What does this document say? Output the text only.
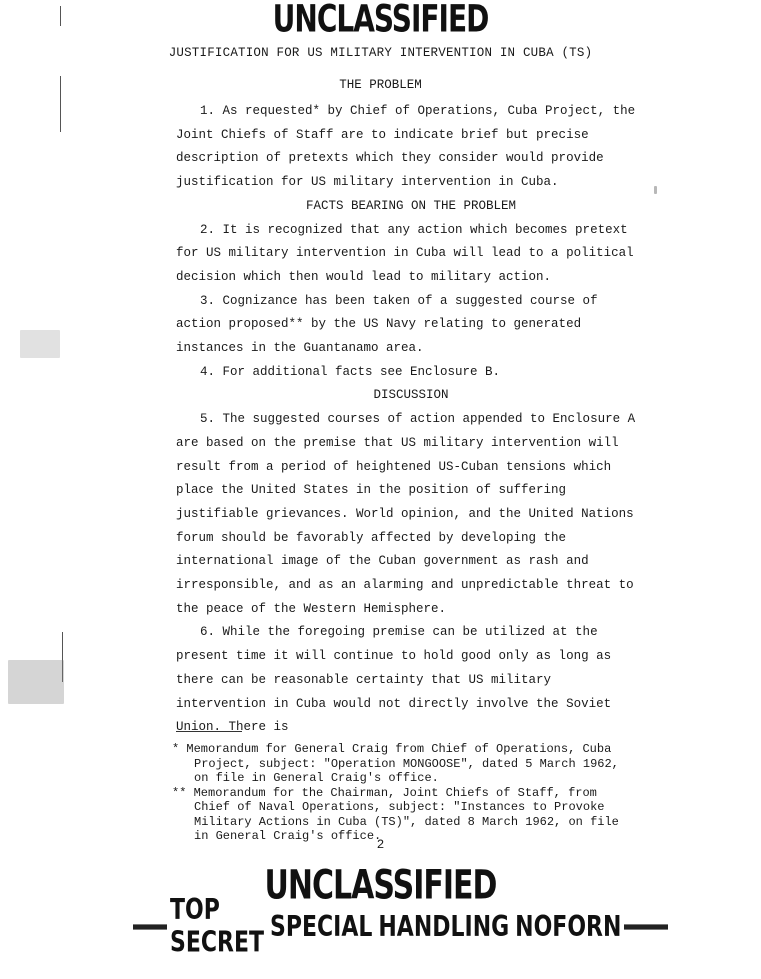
UNCLASSIFIED
JUSTIFICATION FOR US MILITARY INTERVENTION IN CUBA (TS)
THE PROBLEM

1. As requested* by Chief of Operations, Cuba Project, the Joint Chiefs of Staff are to indicate brief but precise description of pretexts which they consider would provide justification for US military intervention in Cuba.

FACTS BEARING ON THE PROBLEM

2. It is recognized that any action which becomes pretext for US military intervention in Cuba will lead to a political decision which then would lead to military action.

3. Cognizance has been taken of a suggested course of action proposed** by the US Navy relating to generated instances in the Guantanamo area.

4. For additional facts see Enclosure B.

DISCUSSION

5. The suggested courses of action appended to Enclosure A are based on the premise that US military intervention will result from a period of heightened US-Cuban tensions which place the United States in the position of suffering justifiable grievances. World opinion, and the United Nations forum should be favorably affected by developing the international image of the Cuban government as rash and irresponsible, and as an alarming and unpredictable threat to the peace of the Western Hemisphere.

6. While the foregoing premise can be utilized at the present time it will continue to hold good only as long as there can be reasonable certainty that US military intervention in Cuba would not directly involve the Soviet Union. There is

* Memorandum for General Craig from Chief of Operations, Cuba Project, subject: "Operation MONGOOSE", dated 5 March 1962, on file in General Craig's office.

** Memorandum for the Chairman, Joint Chiefs of Staff, from Chief of Naval Operations, subject: "Instances to Provoke Military Actions in Cuba (TS)", dated 8 March 1962, on file in General Craig's office.

2
UNCLASSIFIED
TOP SECRET SPECIAL HANDLING NOFORN
